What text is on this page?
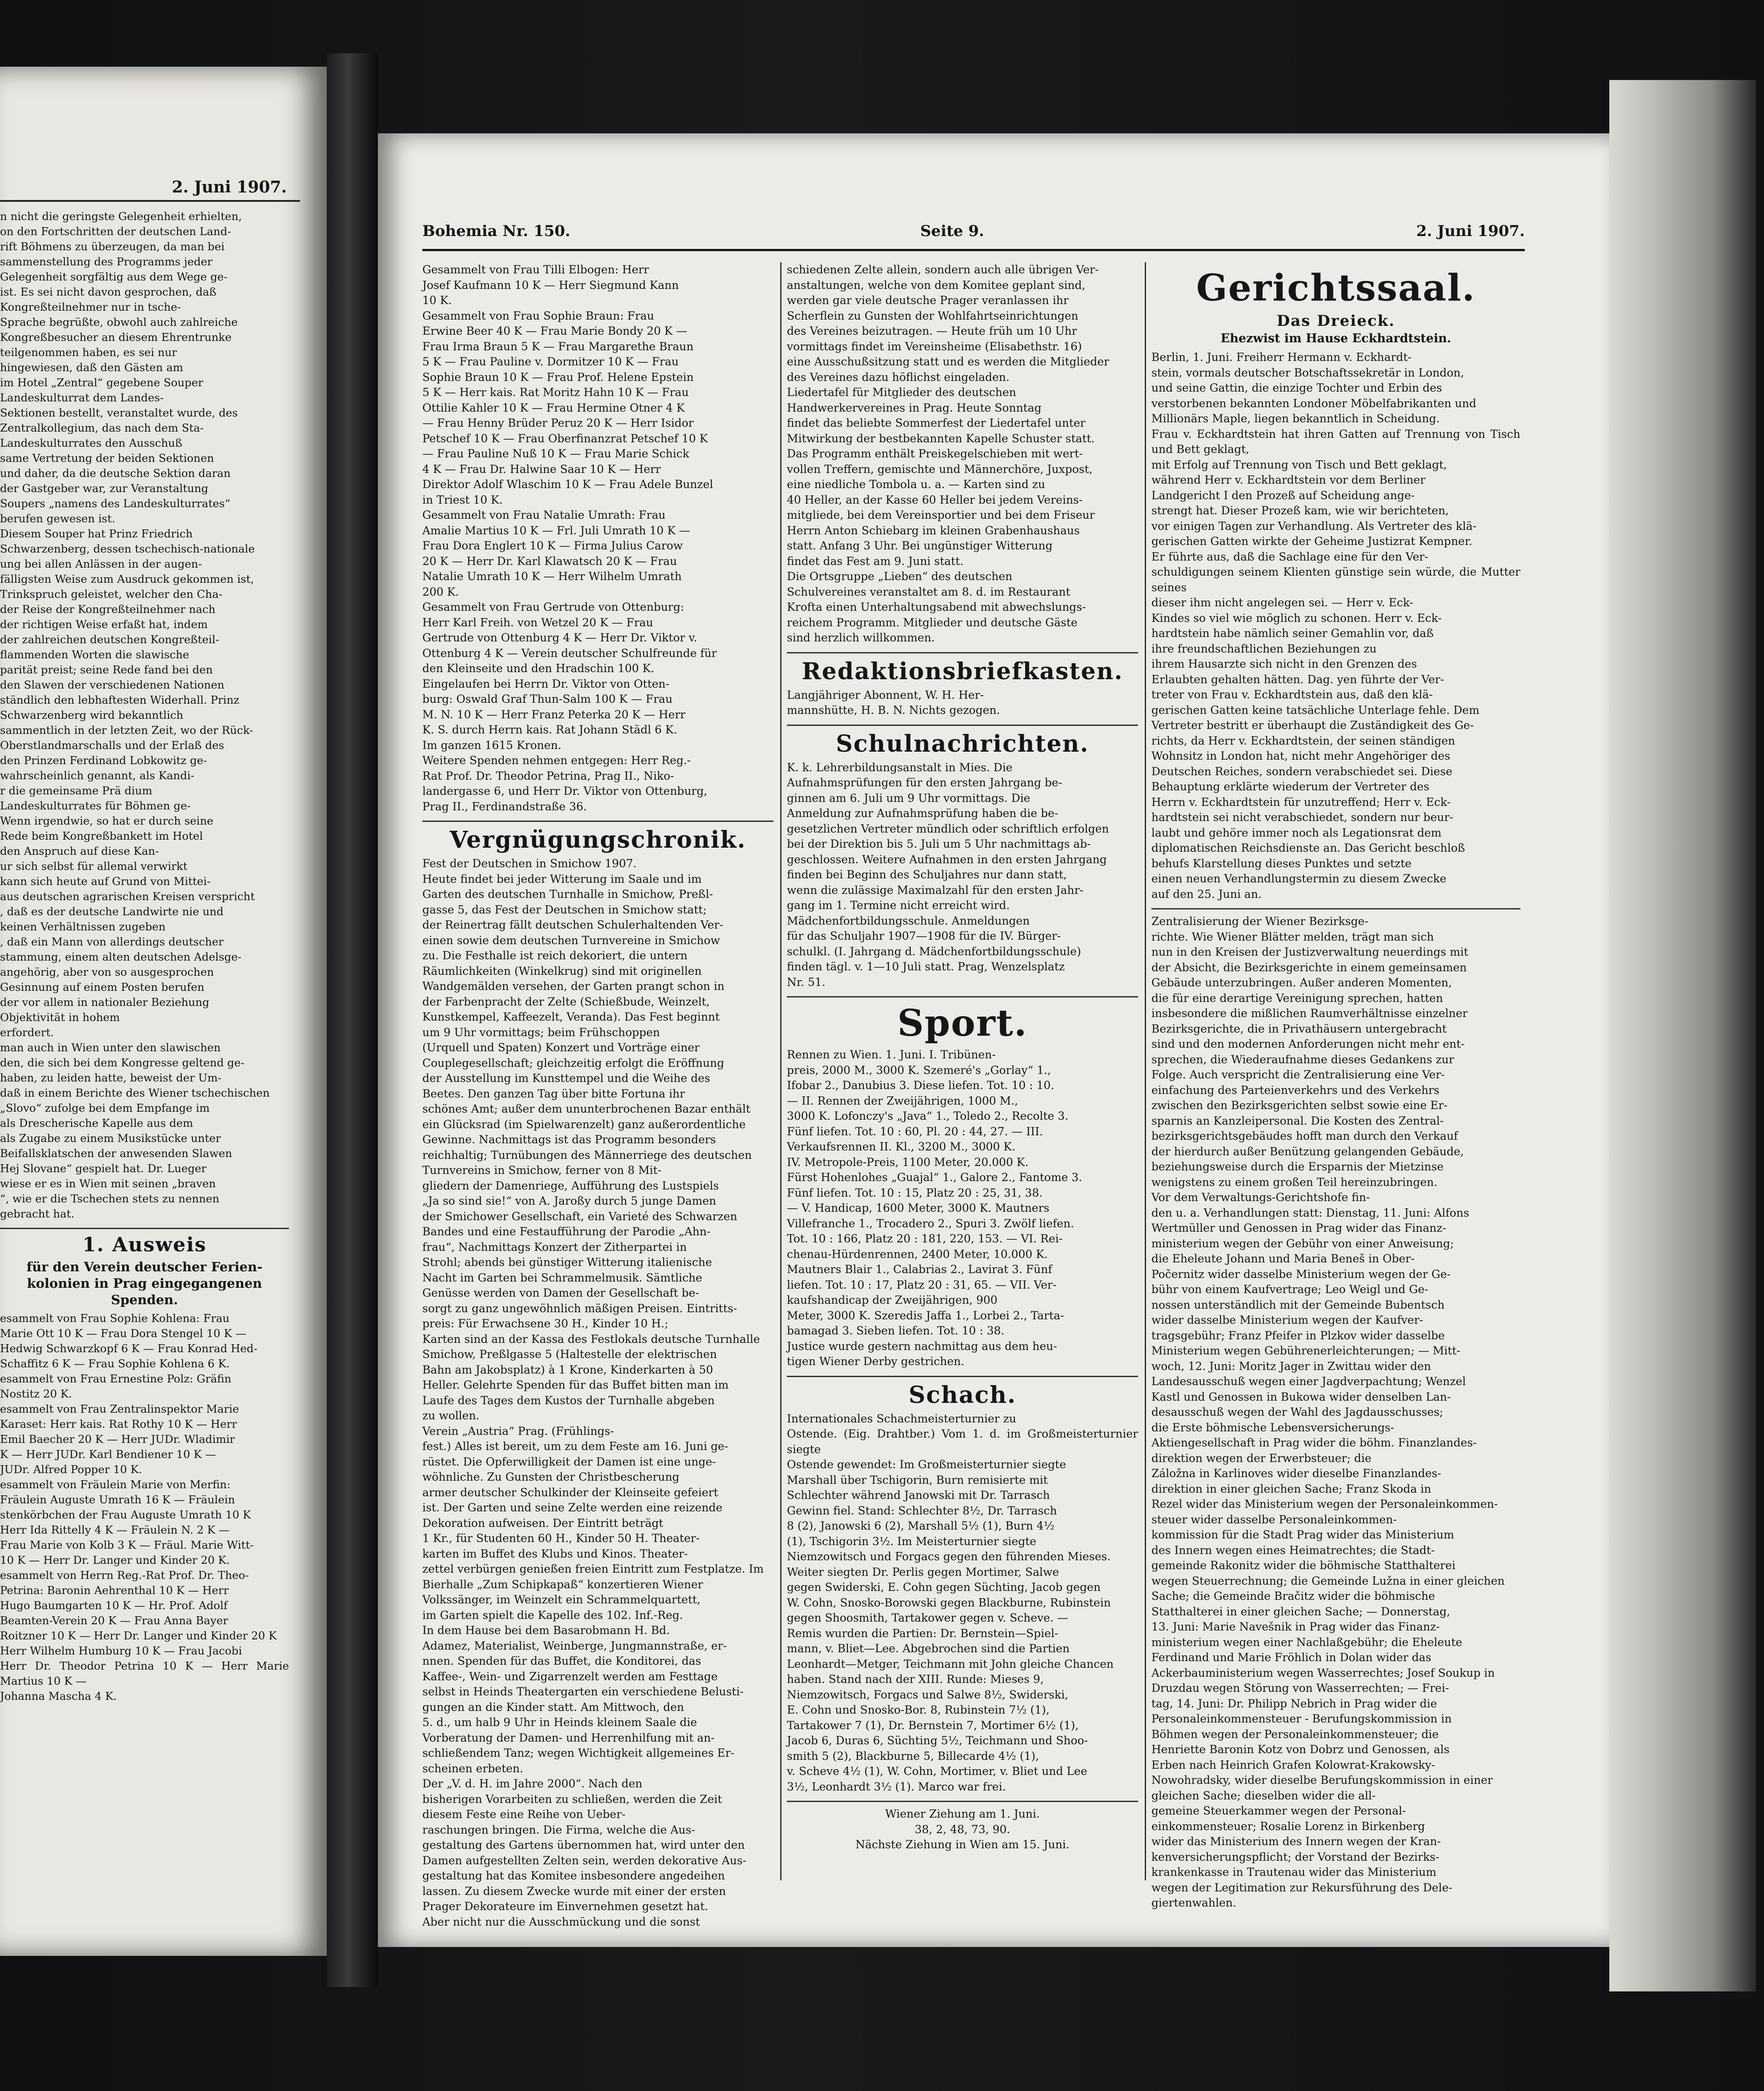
2. Juni 1907.

n nicht die geringste Gelegenheit erhielten,
on den Fortschritten der deutschen Land-
rift Böhmens zu überzeugen, da man bei
sammenstellung des Programms jeder
Gelegenheit sorgfältig aus dem Wege ge-
ist. Es sei nicht davon gesprochen, daß
Kongreßteilnehmer nur in tsche-
Sprache begrüßte, obwohl auch zahlreiche
Kongreßbesucher an diesem Ehrentrunke
teilgenommen haben, es sei nur
hingewiesen, daß den Gästen am
im Hotel „Zentral“ gegebene Souper
Landeskulturrat dem Landes-
Sektionen bestellt, veranstaltet wurde, des
Zentralkollegium, das nach dem Sta-
Landeskulturrates den Ausschuß
same Vertretung der beiden Sektionen
und daher, da die deutsche Sektion daran
der Gastgeber war, zur Veranstaltung
Soupers „namens des Landeskulturrates“
berufen gewesen ist.
Diesem Souper hat Prinz Friedrich
Schwarzenberg, dessen tschechisch-nationale
ung bei allen Anlässen in der augen-
fälligsten Weise zum Ausdruck gekommen ist,
Trinkspruch geleistet, welcher den Cha-
der Reise der Kongreßteilnehmer nach
der richtigen Weise erfaßt hat, indem
der zahlreichen deutschen Kongreßteil-
flammenden Worten die slawische
parität preist; seine Rede fand bei den
den Slawen der verschiedenen Nationen
ständlich den lebhaftesten Widerhall. Prinz
Schwarzenberg wird bekanntlich
sammentlich in der letzten Zeit, wo der Rück-
Oberstlandmarschalls und der Erlaß des
den Prinzen Ferdinand Lobkowitz ge-
wahrscheinlich genannt, als Kandi-
r die gemeinsame Prä dium
Landeskulturrates für Böhmen ge-
Wenn irgendwie, so hat er durch seine
Rede beim Kongreßbankett im Hotel
den Anspruch auf diese Kan-
ur sich selbst für allemal verwirkt
kann sich heute auf Grund von Mittei-
aus deutschen agrarischen Kreisen verspricht
, daß es der deutsche Landwirte nie und
keinen Verhältnissen zugeben
, daß ein Mann von allerdings deutscher
stammung, einem alten deutschen Adelsge-
angehörig, aber von so ausgesprochen
Gesinnung auf einem Posten berufen
der vor allem in nationaler Beziehung
Objektivität in hohem
erfordert.
man auch in Wien unter den slawischen
den, die sich bei dem Kongresse geltend ge-
haben, zu leiden hatte, beweist der Um-
daß in einem Berichte des Wiener tschechischen
„Slovo“ zufolge bei dem Empfange im
als Drescherische Kapelle aus dem
als Zugabe zu einem Musikstücke unter
Beifallsklatschen der anwesenden Slawen
Hej Slovane“ gespielt hat. Dr. Lueger
wiese er es in Wien mit seinen „braven
“, wie er die Tschechen stets zu nennen
gebracht hat.

1. Ausweis
für den Verein deutscher Ferien-
kolonien in Prag eingegangenen
Spenden.

esammelt von Frau Sophie Kohlena: Frau
Marie Ott 10 K — Frau Dora Stengel 10 K —
Hedwig Schwarzkopf 6 K — Frau Konrad Hed-
Schaffitz 6 K — Frau Sophie Kohlena 6 K.
esammelt von Frau Ernestine Polz: Gräfin
Nostitz 20 K.
esammelt von Frau Zentralinspektor Marie
Karaset: Herr kais. Rat Rothy 10 K — Herr
Emil Baecher 20 K — Herr JUDr. Wladimir
K — Herr JUDr. Karl Bendiener 10 K —
JUDr. Alfred Popper 10 K.
esammelt von Fräulein Marie von Merfin:
Fräulein Auguste Umrath 16 K — Fräulein
stenkörbchen der Frau Auguste Umrath 10 K
Herr Ida Rittelly 4 K — Fräulein N. 2 K —
Frau Marie von Kolb 3 K — Fräul. Marie Witt-
10 K — Herr Dr. Langer und Kinder 20 K.
esammelt von Herrn Reg.-Rat Prof. Dr. Theo-
Petrina: Baronin Aehrenthal 10 K — Herr
Hugo Baumgarten 10 K — Hr. Prof. Adolf
Beamten-Verein 20 K — Frau Anna Bayer
Roitzner 10 K — Herr Dr. Langer und Kinder 20 K
Herr Wilhelm Humburg 10 K — Frau Jacobi
Herr Dr. Theodor Petrina 10 K — Herr Marie Martius 10 K —
Johanna Mascha 4 K.

Bohemia Nr. 150.	Seite 9.	2. Juni 1907.

Gesammelt von Frau Tilli Elbogen: Herr
Josef Kaufmann 10 K — Herr Siegmund Kann
10 K.
Gesammelt von Frau Sophie Braun: Frau
Erwine Beer 40 K — Frau Marie Bondy 20 K —
Frau Irma Braun 5 K — Frau Margarethe Braun
5 K — Frau Pauline v. Dormitzer 10 K — Frau
Sophie Braun 10 K — Frau Prof. Helene Epstein
5 K — Herr kais. Rat Moritz Hahn 10 K — Frau
Ottilie Kahler 10 K — Frau Hermine Otner 4 K
— Frau Henny Brüder Peruz 20 K — Herr Isidor
Petschef 10 K — Frau Oberfinanzrat Petschef 10 K
— Frau Pauline Nuß 10 K — Frau Marie Schick
4 K — Frau Dr. Halwine Saar 10 K — Herr
Direktor Adolf Wlaschim 10 K — Frau Adele Bunzel
in Triest 10 K.
Gesammelt von Frau Natalie Umrath: Frau
Amalie Martius 10 K — Frl. Juli Umrath 10 K —
Frau Dora Englert 10 K — Firma Julius Carow
20 K — Herr Dr. Karl Klawatsch 20 K — Frau
Natalie Umrath 10 K — Herr Wilhelm Umrath
200 K.
Gesammelt von Frau Gertrude von Ottenburg:
Herr Karl Freih. von Wetzel 20 K — Frau
Gertrude von Ottenburg 4 K — Herr Dr. Viktor v.
Ottenburg 4 K — Verein deutscher Schulfreunde für
den Kleinseite und den Hradschin 100 K.
Eingelaufen bei Herrn Dr. Viktor von Otten-
burg: Oswald Graf Thun-Salm 100 K — Frau
M. N. 10 K — Herr Franz Peterka 20 K — Herr
K. S. durch Herrn kais. Rat Johann Städl 6 K.
Im ganzen 1615 Kronen.
Weitere Spenden nehmen entgegen: Herr Reg.-
Rat Prof. Dr. Theodor Petrina, Prag II., Niko-
landergasse 6, und Herr Dr. Viktor von Ottenburg,
Prag II., Ferdinandstraße 36.

Vergnügungschronik.

Fest der Deutschen in Smichow 1907.
Heute findet bei jeder Witterung im Saale und im
Garten des deutschen Turnhalle in Smichow, Preßl-
gasse 5, das Fest der Deutschen in Smichow statt;
der Reinertrag fällt deutschen Schulerhaltenden Ver-
einen sowie dem deutschen Turnvereine in Smichow
zu. Die Festhalle ist reich dekoriert, die untern
Räumlichkeiten (Winkelkrug) sind mit originellen
Wandgemälden versehen, der Garten prangt schon in
der Farbenpracht der Zelte (Schießbude, Weinzelt,
Kunstkempel, Kaffeezelt, Veranda). Das Fest beginnt
um 9 Uhr vormittags; beim Frühschoppen
(Urquell und Spaten) Konzert und Vorträge einer
Couplegesellschaft; gleichzeitig erfolgt die Eröffnung
der Ausstellung im Kunsttempel und die Weihe des
Beetes. Den ganzen Tag über bitte Fortuna ihr
schönes Amt; außer dem ununterbrochenen Bazar enthält
ein Glücksrad (im Spielwarenzelt) ganz außerordentliche
Gewinne. Nachmittags ist das Programm besonders
reichhaltig; Turnübungen des Männerriege des deutschen
Turnvereins in Smichow, ferner von 8 Mit-
gliedern der Damenriege, Aufführung des Lustspiels
„Ja so sind sie!“ von A. Jaroßy durch 5 junge Damen
der Smichower Gesellschaft, ein Varieté des Schwarzen
Bandes und eine Festaufführung der Parodie „Ahn-
frau“, Nachmittags Konzert der Zitherpartei in
Strohl; abends bei günstiger Witterung italienische
Nacht im Garten bei Schrammelmusik. Sämtliche
Genüsse werden von Damen der Gesellschaft be-
sorgt zu ganz ungewöhnlich mäßigen Preisen. Eintritts-
preis: Für Erwachsene 30 H., Kinder 10 H.;
Karten sind an der Kassa des Festlokals deutsche Turnhalle
Smichow, Preßlgasse 5 (Haltestelle der elektrischen
Bahn am Jakobsplatz) à 1 Krone, Kinderkarten à 50
Heller. Gelehrte Spenden für das Buffet bitten man im
Laufe des Tages dem Kustos der Turnhalle abgeben
zu wollen.
Verein „Austria“ Prag. (Frühlings-
fest.) Alles ist bereit, um zu dem Feste am 16. Juni ge-
rüstet. Die Opferwilligkeit der Damen ist eine unge-
wöhnliche. Zu Gunsten der Christbescherung
armer deutscher Schulkinder der Kleinseite gefeiert
ist. Der Garten und seine Zelte werden eine reizende
Dekoration aufweisen. Der Eintritt beträgt
1 Kr., für Studenten 60 H., Kinder 50 H. Theater-
karten im Buffet des Klubs und Kinos. Theater-
zettel verbürgen genießen freien Eintritt zum Festplatze. Im
Bierhalle „Zum Schipkapaß“ konzertieren Wiener
Volkssänger, im Weinzelt ein Schrammelquartett,
im Garten spielt die Kapelle des 102. Inf.-Reg.
In dem Hause bei dem Basarobmann H. Bd.
Adamez, Materialist, Weinberge, Jungmannstraße, er-
nnen. Spenden für das Buffet, die Konditorei, das
Kaffee-, Wein- und Zigarrenzelt werden am Festtage
selbst in Heinds Theatergarten ein verschiedene Belusti-
gungen an die Kinder statt. Am Mittwoch, den
5. d., um halb 9 Uhr in Heinds kleinem Saale die
Vorberatung der Damen- und Herrenhilfung mit an-
schließendem Tanz; wegen Wichtigkeit allgemeines Er-
scheinen erbeten.
Der „V. d. H. im Jahre 2000“. Nach den
bisherigen Vorarbeiten zu schließen, werden die Zeit
diesem Feste eine Reihe von Ueber-
raschungen bringen. Die Firma, welche die Aus-
gestaltung des Gartens übernommen hat, wird unter den
Damen aufgestellten Zelten sein, werden dekorative Aus-
gestaltung hat das Komitee insbesondere angedeihen
lassen. Zu diesem Zwecke wurde mit einer der ersten
Prager Dekorateure im Einvernehmen gesetzt hat.
Aber nicht nur die Ausschmückung und die sonst

schiedenen Zelte allein, sondern auch alle übrigen Ver-
anstaltungen, welche von dem Komitee geplant sind,
werden gar viele deutsche Prager veranlassen ihr
Scherflein zu Gunsten der Wohlfahrtseinrichtungen
des Vereines beizutragen. — Heute früh um 10 Uhr
vormittags findet im Vereinsheime (Elisabethstr. 16)
eine Ausschußsitzung statt und es werden die Mitglieder
des Vereines dazu höflichst eingeladen.
Liedertafel für Mitglieder des deutschen
Handwerkervereines in Prag. Heute Sonntag
findet das beliebte Sommerfest der Liedertafel unter
Mitwirkung der bestbekannten Kapelle Schuster statt.
Das Programm enthält Preiskegelschieben mit wert-
vollen Treffern, gemischte und Männerchöre, Juxpost,
eine niedliche Tombola u. a. — Karten sind zu
40 Heller, an der Kasse 60 Heller bei jedem Vereins-
mitgliede, bei dem Vereinsportier und bei dem Friseur
Herrn Anton Schiebarg im kleinen Grabenhaushaus
statt. Anfang 3 Uhr. Bei ungünstiger Witterung
findet das Fest am 9. Juni statt.
Die Ortsgruppe „Lieben“ des deutschen
Schulvereines veranstaltet am 8. d. im Restaurant
Krofta einen Unterhaltungsabend mit abwechslungs-
reichem Programm. Mitglieder und deutsche Gäste
sind herzlich willkommen.

Redaktionsbriefkasten.

Langjähriger Abonnent, W. H. Her-
mannshütte, H. B. N. Nichts gezogen.

Schulnachrichten.

K. k. Lehrerbildungsanstalt in Mies. Die
Aufnahmsprüfungen für den ersten Jahrgang be-
ginnen am 6. Juli um 9 Uhr vormittags. Die
Anmeldung zur Aufnahmsprüfung haben die be-
gesetzlichen Vertreter mündlich oder schriftlich erfolgen
bei der Direktion bis 5. Juli um 5 Uhr nachmittags ab-
geschlossen. Weitere Aufnahmen in den ersten Jahrgang
finden bei Beginn des Schuljahres nur dann statt,
wenn die zulässige Maximalzahl für den ersten Jahr-
gang im 1. Termine nicht erreicht wird.
Mädchenfortbildungsschule. Anmeldungen
für das Schuljahr 1907—1908 für die IV. Bürger-
schulkl. (I. Jahrgang d. Mädchenfortbildungsschule)
finden tägl. v. 1—10 Juli statt. Prag, Wenzelsplatz
Nr. 51.

Sport.

Rennen zu Wien. 1. Juni. I. Tribünen-
preis, 2000 M., 3000 K. Szemeré's „Gorlay“ 1.,
Ifobar 2., Danubius 3. Diese liefen. Tot. 10 : 10.
— II. Rennen der Zweijährigen, 1000 M.,
3000 K. Lofonczy's „Java“ 1., Toledo 2., Recolte 3.
Fünf liefen. Tot. 10 : 60, Pl. 20 : 44, 27. — III.
Verkaufsrennen II. Kl., 3200 M., 3000 K.
IV. Metropole-Preis, 1100 Meter, 20.000 K.
Fürst Hohenlohes „Guajal“ 1., Galore 2., Fantome 3.
Fünf liefen. Tot. 10 : 15, Platz 20 : 25, 31, 38.
— V. Handicap, 1600 Meter, 3000 K. Mautners
Villefranche 1., Trocadero 2., Spuri 3. Zwölf liefen.
Tot. 10 : 166, Platz 20 : 181, 220, 153. — VI. Rei-
chenau-Hürdenrennen, 2400 Meter, 10.000 K.
Mautners Blair 1., Calabrias 2., Lavirat 3. Fünf
liefen. Tot. 10 : 17, Platz 20 : 31, 65. — VII. Ver-
kaufshandicap der Zweijährigen, 900
Meter, 3000 K. Szeredis Jaffa 1., Lorbei 2., Tarta-
bamagad 3. Sieben liefen. Tot. 10 : 38.
Justice wurde gestern nachmittag aus dem heu-
tigen Wiener Derby gestrichen.

Schach.

Internationales Schachmeisterturnier zu
Ostende. (Eig. Drahtber.) Vom 1. d. im Großmeisterturnier siegte
Ostende gewendet: Im Großmeisterturnier siegte
Marshall über Tschigorin, Burn remisierte mit
Schlechter während Janowski mit Dr. Tarrasch
Gewinn fiel. Stand: Schlechter 8½, Dr. Tarrasch
8 (2), Janowski 6 (2), Marshall 5½ (1), Burn 4½
(1), Tschigorin 3½. Im Meisterturnier siegte
Niemzowitsch und Forgacs gegen den führenden Mieses.
Weiter siegten Dr. Perlis gegen Mortimer, Salwe
gegen Swiderski, E. Cohn gegen Süchting, Jacob gegen
W. Cohn, Snosko-Borowski gegen Blackburne, Rubinstein
gegen Shoosmith, Tartakower gegen v. Scheve. —
Remis wurden die Partien: Dr. Bernstein—Spiel-
mann, v. Bliet—Lee. Abgebrochen sind die Partien
Leonhardt—Metger, Teichmann mit John gleiche Chancen
haben. Stand nach der XIII. Runde: Mieses 9,
Niemzowitsch, Forgacs und Salwe 8½, Swiderski,
E. Cohn und Snosko-Bor. 8, Rubinstein 7½ (1),
Tartakower 7 (1), Dr. Bernstein 7, Mortimer 6½ (1),
Jacob 6, Duras 6, Süchting 5½, Teichmann und Shoo-
smith 5 (2), Blackburne 5, Billecarde 4½ (1),
v. Scheve 4½ (1), W. Cohn, Mortimer, v. Bliet und Lee
3½, Leonhardt 3½ (1). Marco war frei.

Wiener Ziehung am 1. Juni.
38, 2, 48, 73, 90.
Nächste Ziehung in Wien am 15. Juni.

Gerichtssaal.
Das Dreieck.
Ehezwist im Hause Eckhardtstein.

Berlin, 1. Juni. Freiherr Hermann v. Eckhardt-
stein, vormals deutscher Botschaftssekretär in London,
und seine Gattin, die einzige Tochter und Erbin des
verstorbenen bekannten Londoner Möbelfabrikanten und
Millionärs Maple, liegen bekanntlich in Scheidung.
Frau v. Eckhardtstein hat ihren Gatten auf Trennung von Tisch und Bett geklagt,
mit Erfolg auf Trennung von Tisch und Bett geklagt,
während Herr v. Eckhardtstein vor dem Berliner
Landgericht I den Prozeß auf Scheidung ange-
strengt hat. Dieser Prozeß kam, wie wir berichteten,
vor einigen Tagen zur Verhandlung. Als Vertreter des klä-
gerischen Gatten wirkte der Geheime Justizrat Kempner.
Er führte aus, daß die Sachlage eine für den Ver-
schuldigungen seinem Klienten günstige sein würde, die Mutter seines
dieser ihm nicht angelegen sei. — Herr v. Eck-
Kindes so viel wie möglich zu schonen. Herr v. Eck-
hardtstein habe nämlich seiner Gemahlin vor, daß
ihre freundschaftlichen Beziehungen zu
ihrem Hausarzte sich nicht in den Grenzen des
Erlaubten gehalten hätten. Dag. yen führte der Ver-
treter von Frau v. Eckhardtstein aus, daß den klä-
gerischen Gatten keine tatsächliche Unterlage fehle. Dem
Vertreter bestritt er überhaupt die Zuständigkeit des Ge-
richts, da Herr v. Eckhardtstein, der seinen ständigen
Wohnsitz in London hat, nicht mehr Angehöriger des
Deutschen Reiches, sondern verabschiedet sei. Diese
Behauptung erklärte wiederum der Vertreter des
Herrn v. Eckhardtstein für unzutreffend; Herr v. Eck-
hardtstein sei nicht verabschiedet, sondern nur beur-
laubt und gehöre immer noch als Legationsrat dem
diplomatischen Reichsdienste an. Das Gericht beschloß
behufs Klarstellung dieses Punktes und setzte
einen neuen Verhandlungstermin zu diesem Zwecke
auf den 25. Juni an.

Zentralisierung der Wiener Bezirksge-
richte. Wie Wiener Blätter melden, trägt man sich
nun in den Kreisen der Justizverwaltung neuerdings mit
der Absicht, die Bezirksgerichte in einem gemeinsamen
Gebäude unterzubringen. Außer anderen Momenten,
die für eine derartige Vereinigung sprechen, hatten
insbesondere die mißlichen Raumverhältnisse einzelner
Bezirksgerichte, die in Privathäusern untergebracht
sind und den modernen Anforderungen nicht mehr ent-
sprechen, die Wiederaufnahme dieses Gedankens zur
Folge. Auch verspricht die Zentralisierung eine Ver-
einfachung des Parteienverkehrs und des Verkehrs
zwischen den Bezirksgerichten selbst sowie eine Er-
sparnis an Kanzleipersonal. Die Kosten des Zentral-
bezirksgerichtsgebäudes hofft man durch den Verkauf
der hierdurch außer Benützung gelangenden Gebäude,
beziehungsweise durch die Ersparnis der Mietzinse
wenigstens zu einem großen Teil hereinzubringen.
Vor dem Verwaltungs-Gerichtshofe fin-
den u. a. Verhandlungen statt: Dienstag, 11. Juni: Alfons
Wertmüller und Genossen in Prag wider das Finanz-
ministerium wegen der Gebühr von einer Anweisung;
die Eheleute Johann und Maria Beneš in Ober-
Počernitz wider dasselbe Ministerium wegen der Ge-
bühr von einem Kaufvertrage; Leo Weigl und Ge-
nossen unterständlich mit der Gemeinde Bubentsch
wider dasselbe Ministerium wegen der Kaufver-
tragsgebühr; Franz Pfeifer in Plzkov wider dasselbe
Ministerium wegen Gebührenerleichterungen; — Mitt-
woch, 12. Juni: Moritz Jager in Zwittau wider den
Landesausschuß wegen einer Jagdverpachtung; Wenzel
Kastl und Genossen in Bukowa wider denselben Lan-
desausschuß wegen der Wahl des Jagdausschusses;
die Erste böhmische Lebensversicherungs-
Aktiengesellschaft in Prag wider die böhm. Finanzlandes-
direktion wegen der Erwerbsteuer; die
Záložna in Karlinoves wider dieselbe Finanzlandes-
direktion in einer gleichen Sache; Franz Skoda in
Rezel wider das Ministerium wegen der Personaleinkommen-
steuer wider dasselbe Personaleinkommen-
kommission für die Stadt Prag wider das Ministerium
des Innern wegen eines Heimatrechtes; die Stadt-
gemeinde Rakonitz wider die böhmische Statthalterei
wegen Steuerrechnung; die Gemeinde Lužna in einer gleichen
Sache; die Gemeinde Bračitz wider die böhmische
Statthalterei in einer gleichen Sache; — Donnerstag,
13. Juni: Marie Navešnik in Prag wider das Finanz-
ministerium wegen einer Nachlaßgebühr; die Eheleute
Ferdinand und Marie Fröhlich in Dolan wider das
Ackerbauministerium wegen Wasserrechtes; Josef Soukup in
Druzdau wegen Störung von Wasserrechten; — Frei-
tag, 14. Juni: Dr. Philipp Nebrich in Prag wider die
Personaleinkommensteuer - Berufungskommission in
Böhmen wegen der Personaleinkommensteuer; die
Henriette Baronin Kotz von Dobrz und Genossen, als
Erben nach Heinrich Grafen Kolowrat-Krakowsky-
Nowohradsky, wider dieselbe Berufungskommission in einer
gleichen Sache; dieselben wider die all-
gemeine Steuerkammer wegen der Personal-
einkommensteuer; Rosalie Lorenz in Birkenberg
wider das Ministerium des Innern wegen der Kran-
kenversicherungspflicht; der Vorstand der Bezirks-
krankenkasse in Trautenau wider das Ministerium
wegen der Legitimation zur Rekursführung des Dele-
giertenwahlen.
